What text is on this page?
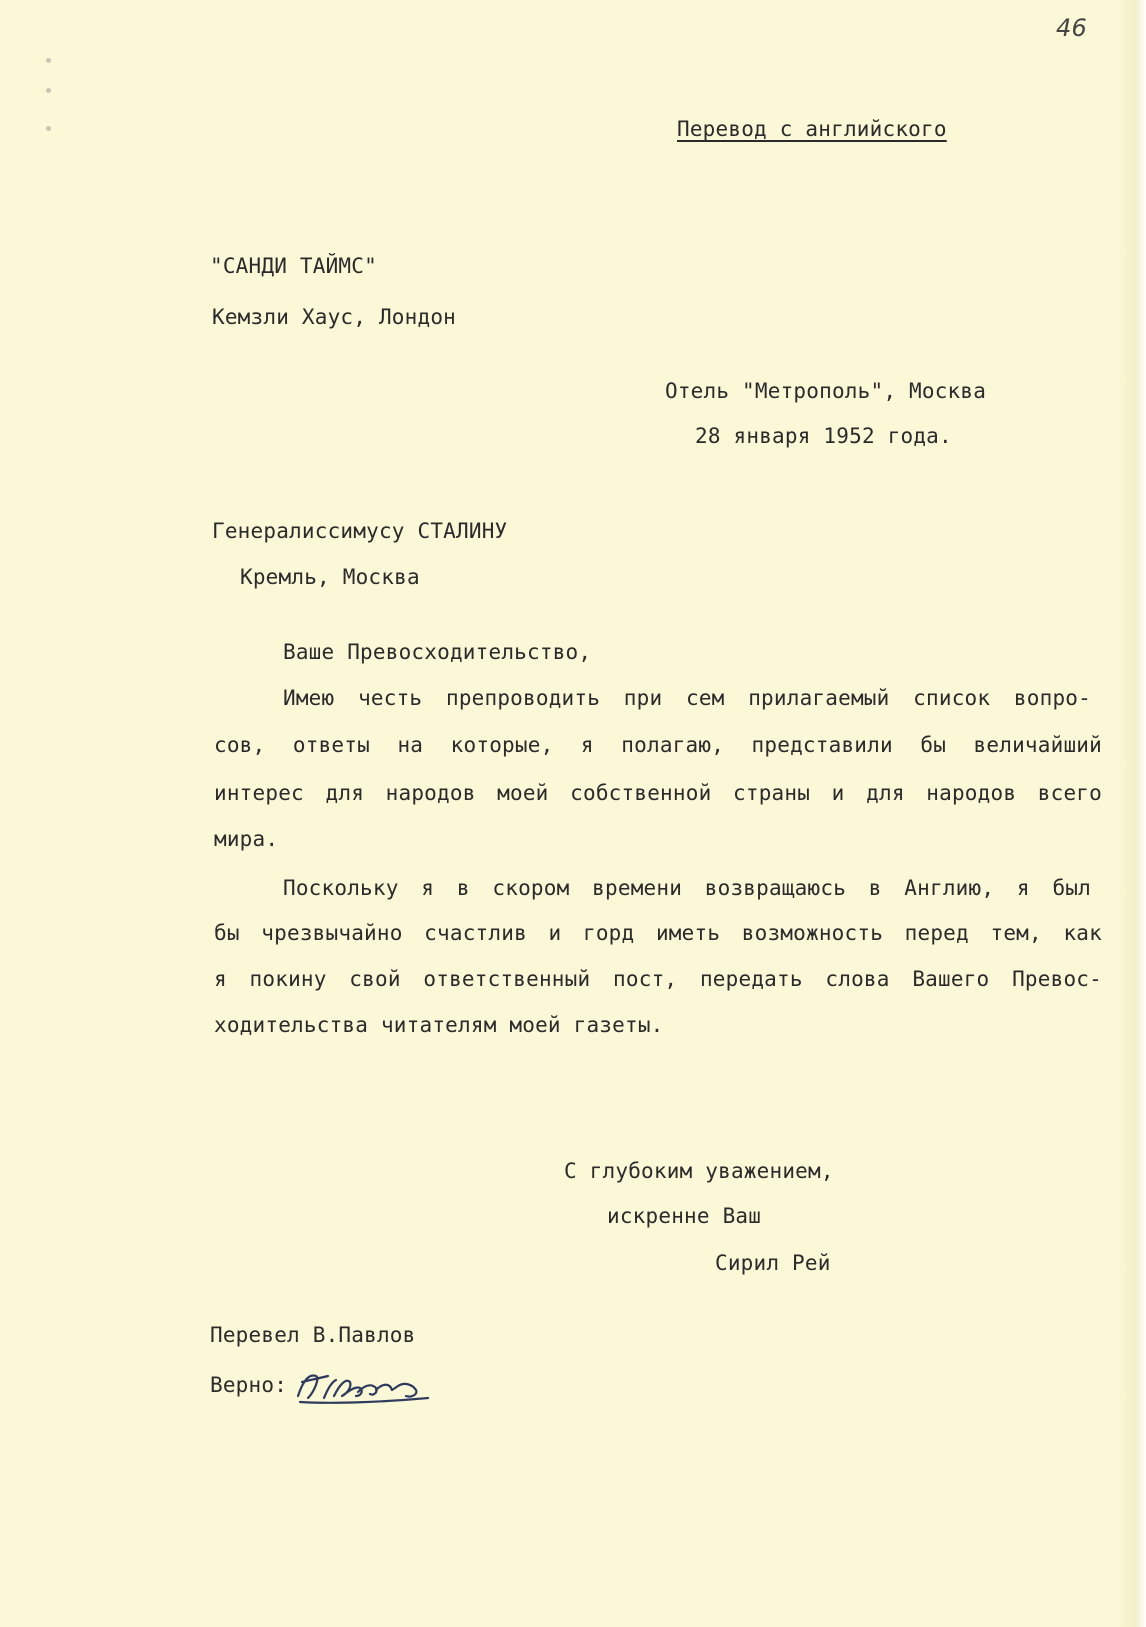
46
Перевод с английского
"САНДИ ТАЙМС"
Кемзли Хаус, Лондон
Отель "Метрополь", Москва
28 января 1952 года.
Генералиссимусу СТАЛИНУ
Кремль, Москва
Ваше Превосходительство,
Имею честь препроводить при сем прилагаемый список вопро-
сов, ответы на которые, я полагаю, представили бы величайший
интерес для народов моей собственной страны и для народов всего
мира.
Поскольку я в скором времени возвращаюсь в Англию, я был
бы чрезвычайно счастлив и горд иметь возможность перед тем, как
я покину свой ответственный пост, передать слова Вашего Превос-
ходительства читателям моей газеты.
С глубоким уважением,
искренне Ваш
Сирил Рей
Перевел В.Павлов
Верно:
